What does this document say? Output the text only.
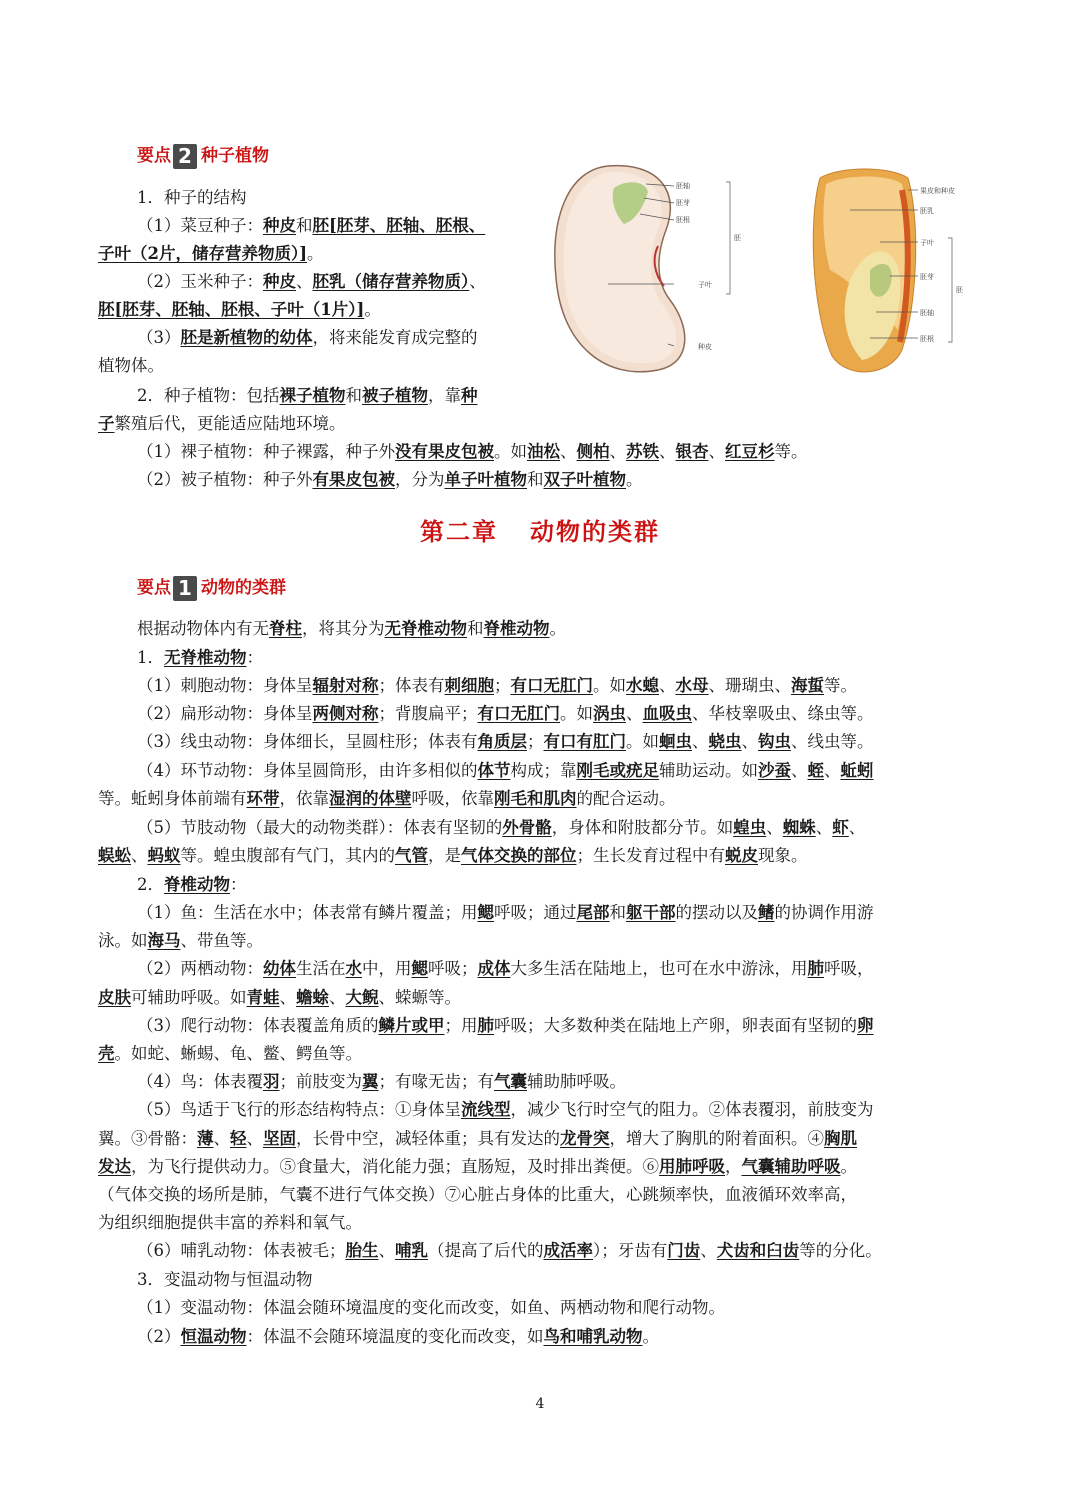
要点 2 种子植物
1．种子的结构
（1）菜豆种子：种皮和胚[胚芽、胚轴、胚根、
子叶（2片，储存营养物质）]。
（2）玉米种子：种皮、胚乳（储存营养物质）、
胚[胚芽、胚轴、胚根、子叶（1片）]。
（3）胚是新植物的幼体，将来能发育成完整的
植物体。
2．种子植物：包括裸子植物和被子植物，靠种
子繁殖后代，更能适应陆地环境。
（1）裸子植物：种子裸露，种子外没有果皮包被。如油松、侧柏、苏铁、银杏、红豆杉等。
（2）被子植物：种子外有果皮包被，分为单子叶植物和双子叶植物。
胚轴
胚芽
胚根
胚
子叶
种皮
果皮和种皮
胚乳
子叶
胚芽
胚
胚轴
胚根
第二章 动物的类群
要点 1 动物的类群
根据动物体内有无脊柱，将其分为无脊椎动物和脊椎动物。
1．无脊椎动物：
（1）刺胞动物：身体呈辐射对称；体表有刺细胞；有口无肛门。如水螅、水母、珊瑚虫、海蜇等。
（2）扁形动物：身体呈两侧对称；背腹扁平；有口无肛门。如涡虫、血吸虫、华枝睾吸虫、绦虫等。
（3）线虫动物：身体细长，呈圆柱形；体表有角质层；有口有肛门。如蛔虫、蛲虫、钩虫、线虫等。
（4）环节动物：身体呈圆筒形，由许多相似的体节构成；靠刚毛或疣足辅助运动。如沙蚕、蛭、蚯蚓
等。蚯蚓身体前端有环带，依靠湿润的体壁呼吸，依靠刚毛和肌肉的配合运动。
（5）节肢动物（最大的动物类群）：体表有坚韧的外骨骼，身体和附肢都分节。如蝗虫、蜘蛛、虾、
蜈蚣、蚂蚁等。蝗虫腹部有气门，其内的气管，是气体交换的部位；生长发育过程中有蜕皮现象。
2．脊椎动物：
（1）鱼：生活在水中；体表常有鳞片覆盖；用鳃呼吸；通过尾部和躯干部的摆动以及鳍的协调作用游
泳。如海马、带鱼等。
（2）两栖动物：幼体生活在水中，用鳃呼吸；成体大多生活在陆地上，也可在水中游泳，用肺呼吸，
皮肤可辅助呼吸。如青蛙、蟾蜍、大鲵、蝾螈等。
（3）爬行动物：体表覆盖角质的鳞片或甲；用肺呼吸；大多数种类在陆地上产卵，卵表面有坚韧的卵
壳。如蛇、蜥蜴、龟、鳖、鳄鱼等。
（4）鸟：体表覆羽；前肢变为翼；有喙无齿；有气囊辅助肺呼吸。
（5）鸟适于飞行的形态结构特点：①身体呈流线型，减少飞行时空气的阻力。②体表覆羽，前肢变为
翼。③骨骼：薄、轻、坚固，长骨中空，减轻体重；具有发达的龙骨突，增大了胸肌的附着面积。④胸肌
发达，为飞行提供动力。⑤食量大，消化能力强；直肠短，及时排出粪便。⑥用肺呼吸，气囊辅助呼吸。
（气体交换的场所是肺，气囊不进行气体交换）⑦心脏占身体的比重大，心跳频率快，血液循环效率高，
为组织细胞提供丰富的养料和氧气。
（6）哺乳动物：体表被毛；胎生、哺乳（提高了后代的成活率）；牙齿有门齿、犬齿和臼齿等的分化。
3．变温动物与恒温动物
（1）变温动物：体温会随环境温度的变化而改变，如鱼、两栖动物和爬行动物。
（2）恒温动物：体温不会随环境温度的变化而改变，如鸟和哺乳动物。
4
